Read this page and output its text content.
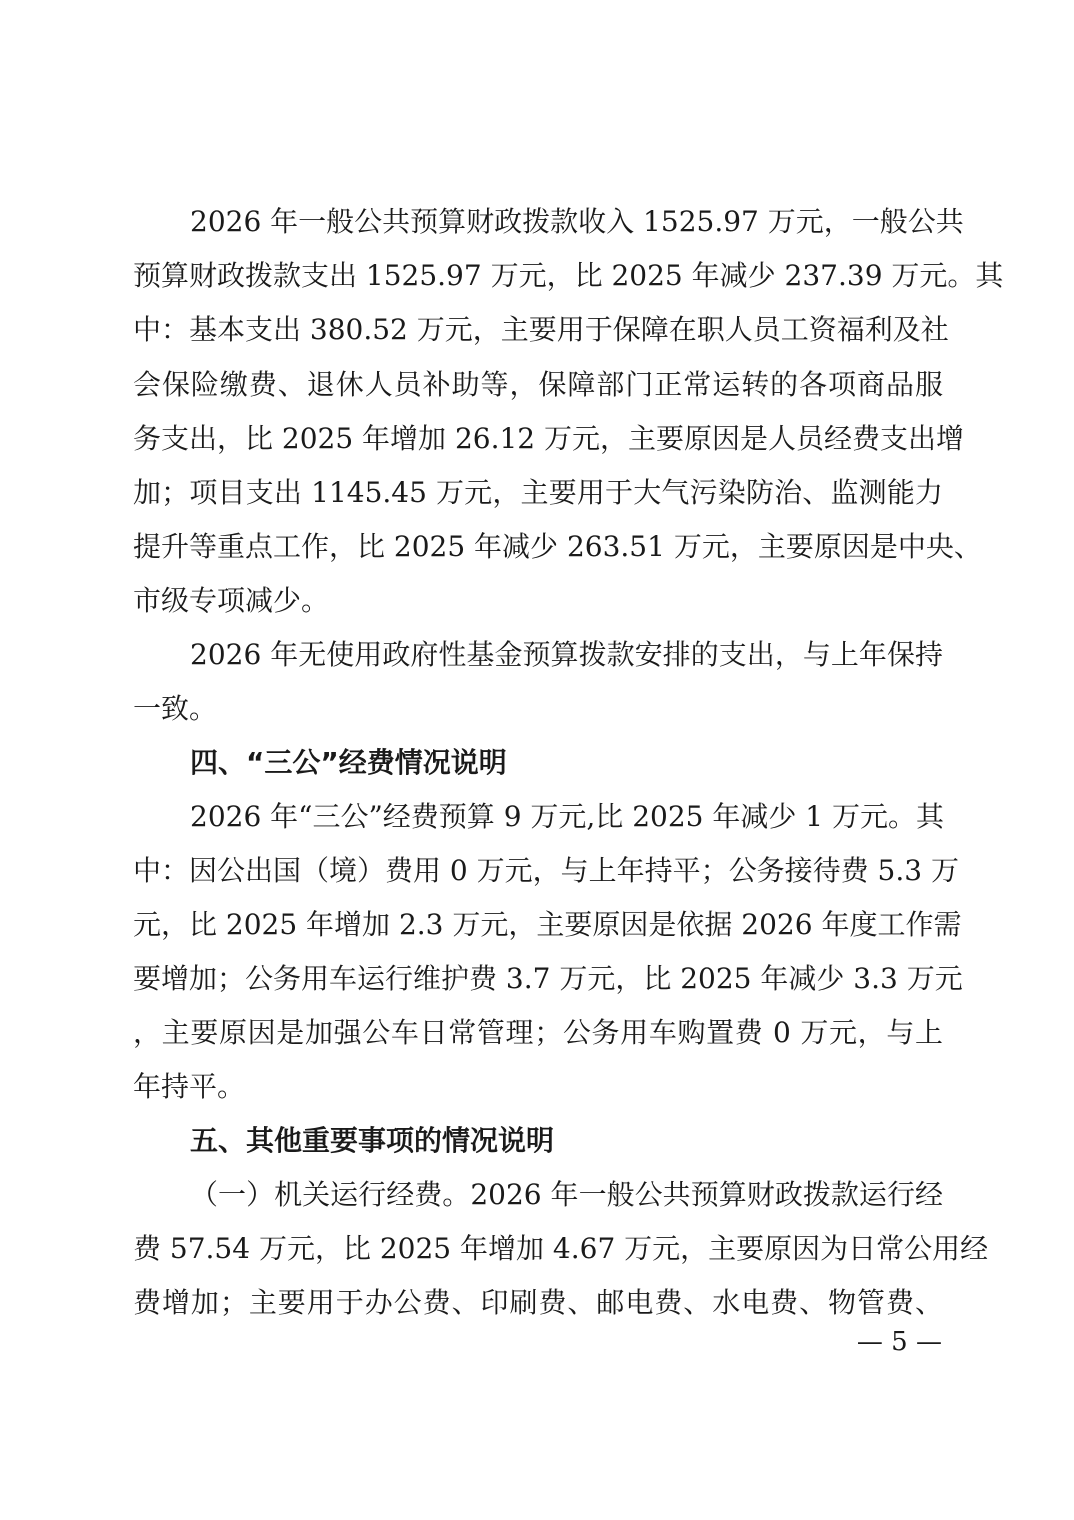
2026 年一般公共预算财政拨款收入 1525.97 万元，一般公共
预算财政拨款支出 1525.97 万元，比 2025 年减少 237.39 万元。其
中：基本支出 380.52 万元，主要用于保障在职人员工资福利及社
会保险缴费、退休人员补助等，保障部门正常运转的各项商品服
务支出，比 2025 年增加 26.12 万元，主要原因是人员经费支出增
加；项目支出 1145.45 万元，主要用于大气污染防治、监测能力
提升等重点工作，比 2025 年减少 263.51 万元，主要原因是中央、
市级专项减少。
2026 年无使用政府性基金预算拨款安排的支出，与上年保持
一致。
四、“三公”经费情况说明
2026 年“三公”经费预算 9 万元,比 2025 年减少 1 万元。其
中：因公出国（境）费用 0 万元，与上年持平；公务接待费 5.3 万
元，比 2025 年增加 2.3 万元，主要原因是依据 2026 年度工作需
要增加；公务用车运行维护费 3.7 万元，比 2025 年减少 3.3 万元
，主要原因是加强公车日常管理；公务用车购置费 0 万元，与上
年持平。
五、其他重要事项的情况说明
（一）机关运行经费。2026 年一般公共预算财政拨款运行经
费 57.54 万元，比 2025 年增加 4.67 万元，主要原因为日常公用经
费增加；主要用于办公费、印刷费、邮电费、水电费、物管费、
— 5 —
